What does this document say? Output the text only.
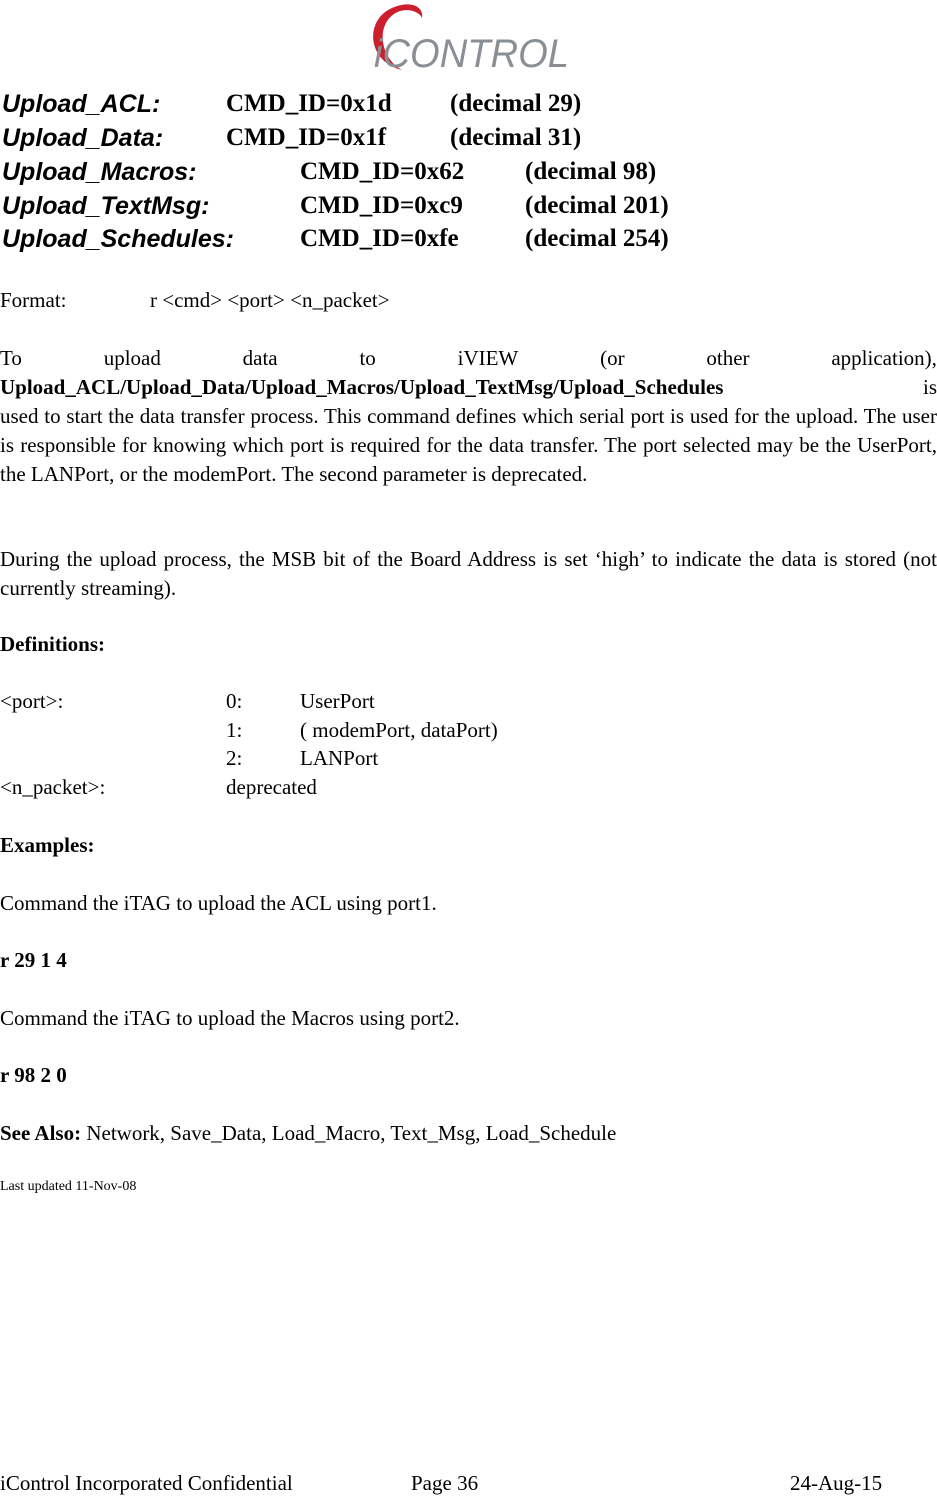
iCONTROL
Upload_ACL:	CMD_ID=0x1d (decimal 29)
Upload_Data:	CMD_ID=0x1f	(decimal 31)
Upload_Macros:	CMD_ID=0x62 (decimal 98)
Upload_TextMsg:	CMD_ID=0xc9 (decimal 201)
Upload_Schedules:	CMD_ID=0xfe	(decimal 254)
Format:	r <cmd> <port> <n_packet>
To	upload	data	to	iVIEW	(or	other	application),
Upload_ACL/Upload_Data/Upload_Macros/Upload_TextMsg/Upload_Schedules	is
used to start the data transfer process. This command defines which serial port is used for the upload. The user is responsible for knowing which port is required for the data transfer. The port selected may be the UserPort, the LANPort, or the modemPort. The second parameter is deprecated.
During the upload process, the MSB bit of the Board Address is set ‘high’ to indicate the data is stored (not currently streaming).
Definitions:
<port>:	0:	UserPort
1:	( modemPort, dataPort)
2:	LANPort
<n_packet>:	deprecated
Examples:
Command the iTAG to upload the ACL using port1.
r 29 1 4
Command the iTAG to upload the Macros using port2.
r 98 2 0
See Also: Network, Save_Data, Load_Macro, Text_Msg, Load_Schedule
Last updated 11-Nov-08
iControl Incorporated Confidential	Page 36	24-Aug-15
